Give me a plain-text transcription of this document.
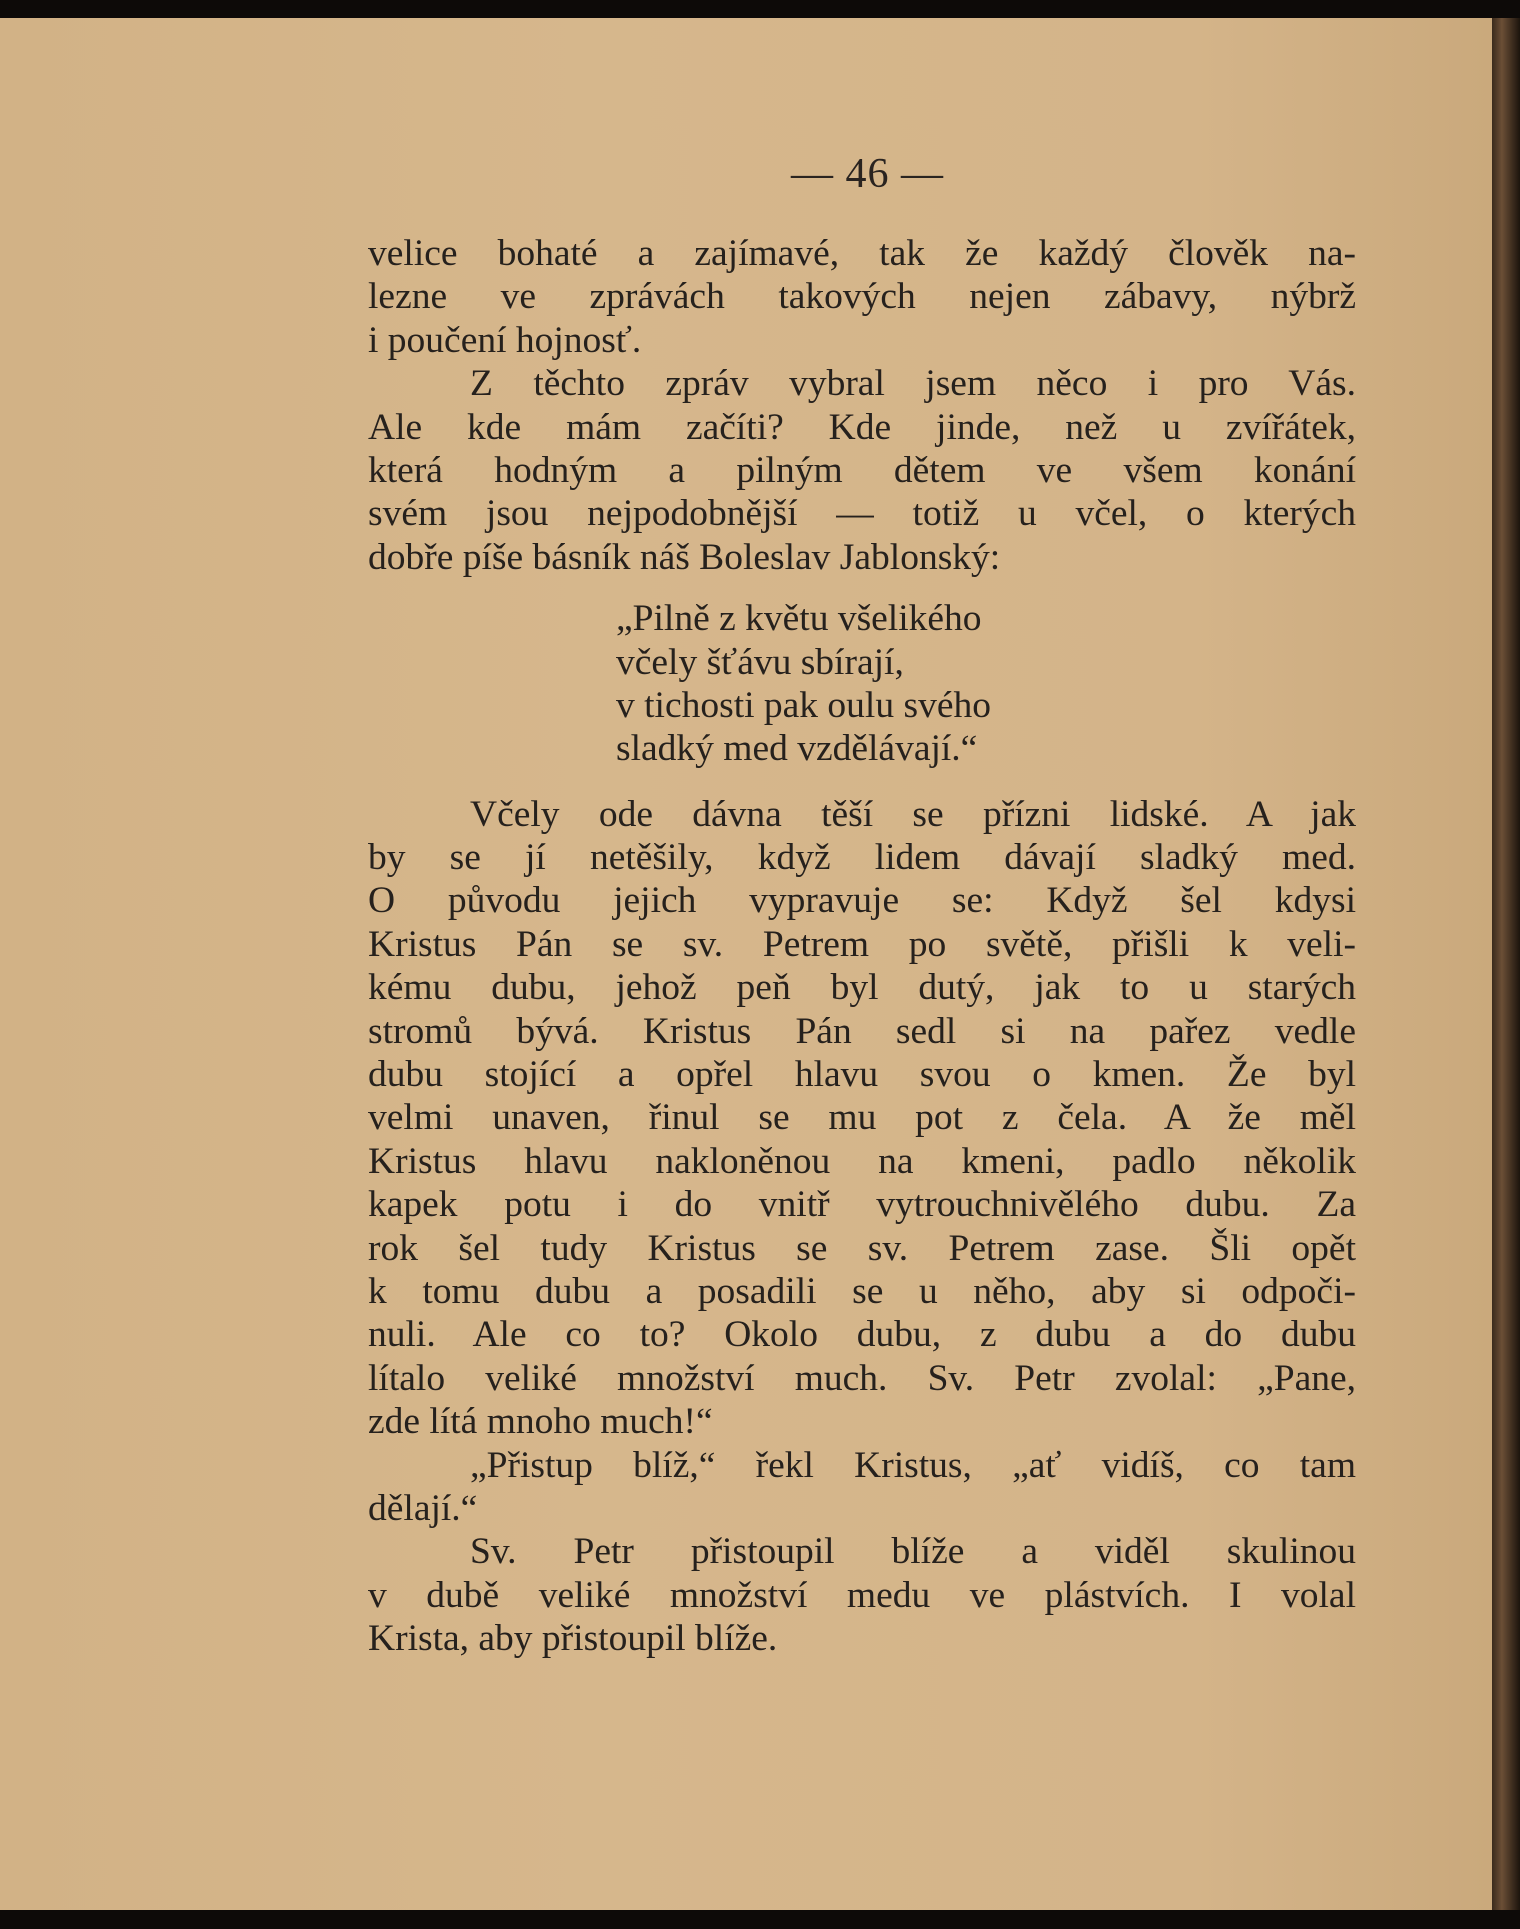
— 46 —
velice bohaté a zajímavé, tak že každý člověk na-
lezne ve zprávách takových nejen zábavy, nýbrž
i poučení hojnosť.
Z těchto zpráv vybral jsem něco i pro Vás.
Ale kde mám začíti? Kde jinde, než u zvířátek,
která hodným a pilným dětem ve všem konání
svém jsou nejpodobnější — totiž u včel, o kterých
dobře píše básník náš Boleslav Jablonský:
„Pilně z květu všelikého
včely šťávu sbírají,
v tichosti pak oulu svého
sladký med vzdělávají.“
Včely ode dávna těší se přízni lidské. A jak
by se jí netěšily, když lidem dávají sladký med.
O původu jejich vypravuje se: Když šel kdysi
Kristus Pán se sv. Petrem po světě, přišli k veli-
kému dubu, jehož peň byl dutý, jak to u starých
stromů bývá. Kristus Pán sedl si na pařez vedle
dubu stojící a opřel hlavu svou o kmen. Že byl
velmi unaven, řinul se mu pot z čela. A že měl
Kristus hlavu nakloněnou na kmeni, padlo několik
kapek potu i do vnitř vytrouchnivělého dubu. Za
rok šel tudy Kristus se sv. Petrem zase. Šli opět
k tomu dubu a posadili se u něho, aby si odpoči-
nuli. Ale co to? Okolo dubu, z dubu a do dubu
lítalo veliké množství much. Sv. Petr zvolal: „Pane,
zde lítá mnoho much!“
„Přistup blíž,“ řekl Kristus, „ať vidíš, co tam
dělají.“
Sv. Petr přistoupil blíže a viděl skulinou
v dubě veliké množství medu ve plástvích. I volal
Krista, aby přistoupil blíže.
